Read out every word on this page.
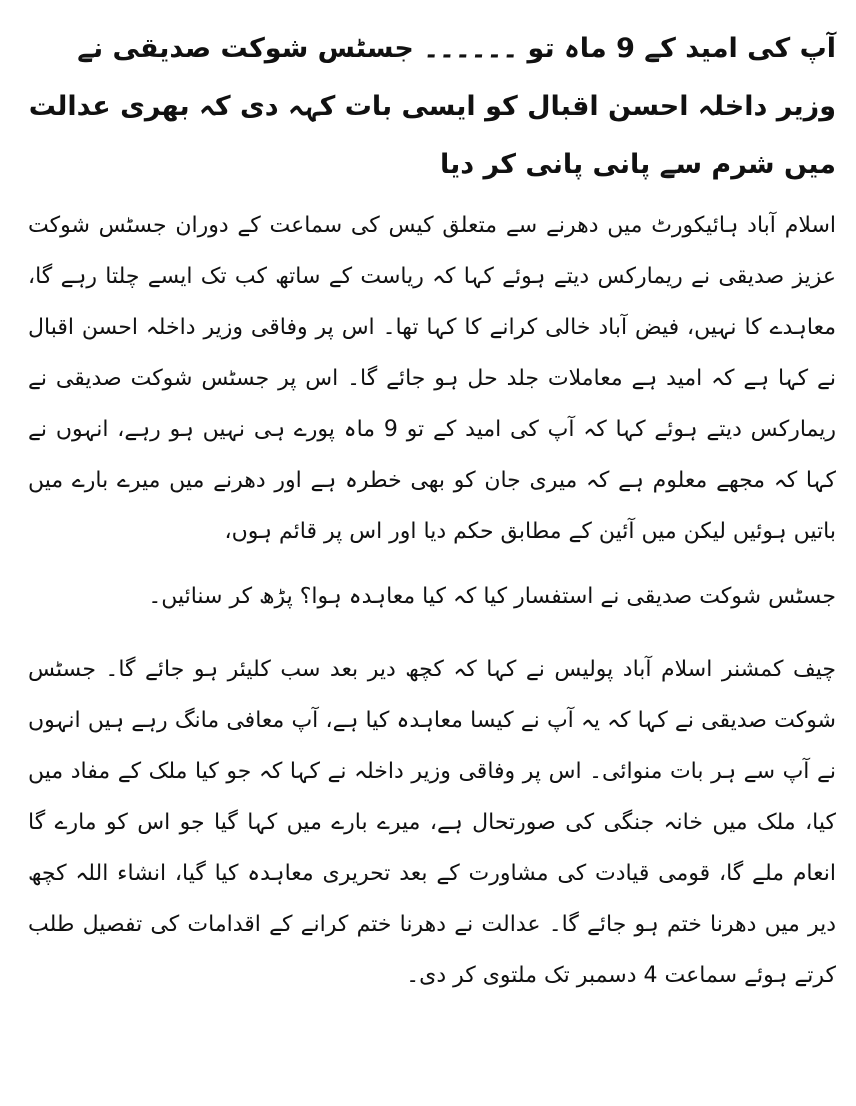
آپ کی امید کے 9 ماہ تو ۔۔۔۔۔۔ جسٹس شوکت صدیقی نے وزیر داخلہ احسن اقبال کو ایسی بات کہہ دی کہ بھری عدالت میں شرم سے پانی پانی کر دیا

اسلام آباد ہائیکورٹ میں دھرنے سے متعلق کیس کی سماعت کے دوران جسٹس شوکت عزیز صدیقی نے ریمارکس دیتے ہوئے کہا کہ ریاست کے ساتھ کب تک ایسے چلتا رہے گا، معاہدے کا نہیں، فیض آباد خالی کرانے کا کہا تھا۔ اس پر وفاقی وزیر داخلہ احسن اقبال نے کہا ہے کہ امید ہے معاملات جلد حل ہو جائے گا۔ اس پر جسٹس شوکت صدیقی نے ریمارکس دیتے ہوئے کہا کہ آپ کی امید کے تو 9 ماہ پورے ہی نہیں ہو رہے، انہوں نے کہا کہ مجھے معلوم ہے کہ میری جان کو بھی خطرہ ہے اور دھرنے میں میرے بارے میں باتیں ہوئیں لیکن میں آئین کے مطابق حکم دیا اور اس پر قائم ہوں،

جسٹس شوکت صدیقی نے استفسار کیا کہ کیا معاہدہ ہوا؟ پڑھ کر سنائیں۔

چیف کمشنر اسلام آباد پولیس نے کہا کہ کچھ دیر بعد سب کلیئر ہو جائے گا۔ جسٹس شوکت صدیقی نے کہا کہ یہ آپ نے کیسا معاہدہ کیا ہے، آپ معافی مانگ رہے ہیں انہوں نے آپ سے ہر بات منوائی۔ اس پر وفاقی وزیر داخلہ نے کہا کہ جو کیا ملک کے مفاد میں کیا، ملک میں خانہ جنگی کی صورتحال ہے، میرے بارے میں کہا گیا جو اس کو مارے گا انعام ملے گا، قومی قیادت کی مشاورت کے بعد تحریری معاہدہ کیا گیا، انشاﺀ اللہ کچھ دیر میں دھرنا ختم ہو جائے گا۔ عدالت نے دھرنا ختم کرانے کے اقدامات کی تفصیل طلب کرتے ہوئے سماعت 4 دسمبر تک ملتوی کر دی۔
